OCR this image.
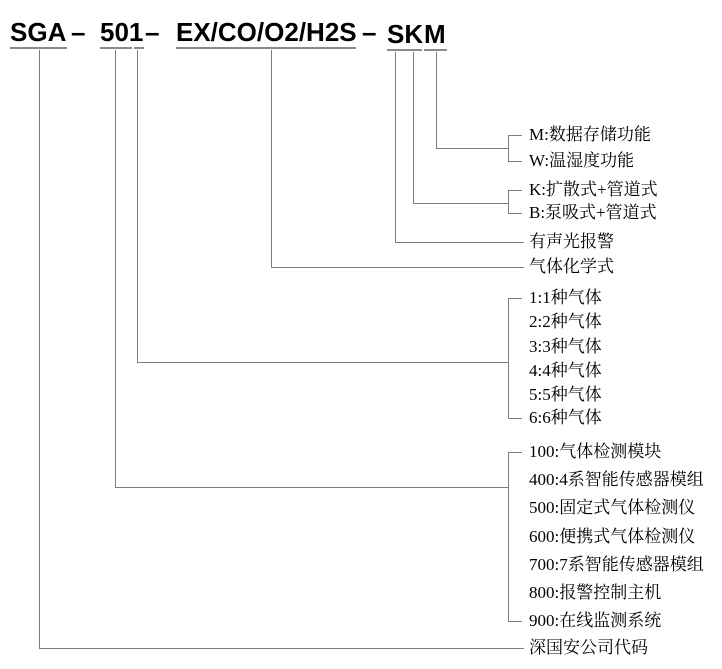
SGA – 501 – EX/CO/O2/H2S – SK M
M:数据存储功能
W:温湿度功能
K:扩散式+管道式
B:泵吸式+管道式
有声光报警
气体化学式
1:1种气体
2:2种气体
3:3种气体
4:4种气体
5:5种气体
6:6种气体
100:气体检测模块
400:4系智能传感器模组
500:固定式气体检测仪
600:便携式气体检测仪
700:7系智能传感器模组
800:报警控制主机
900:在线监测系统
深国安公司代码
